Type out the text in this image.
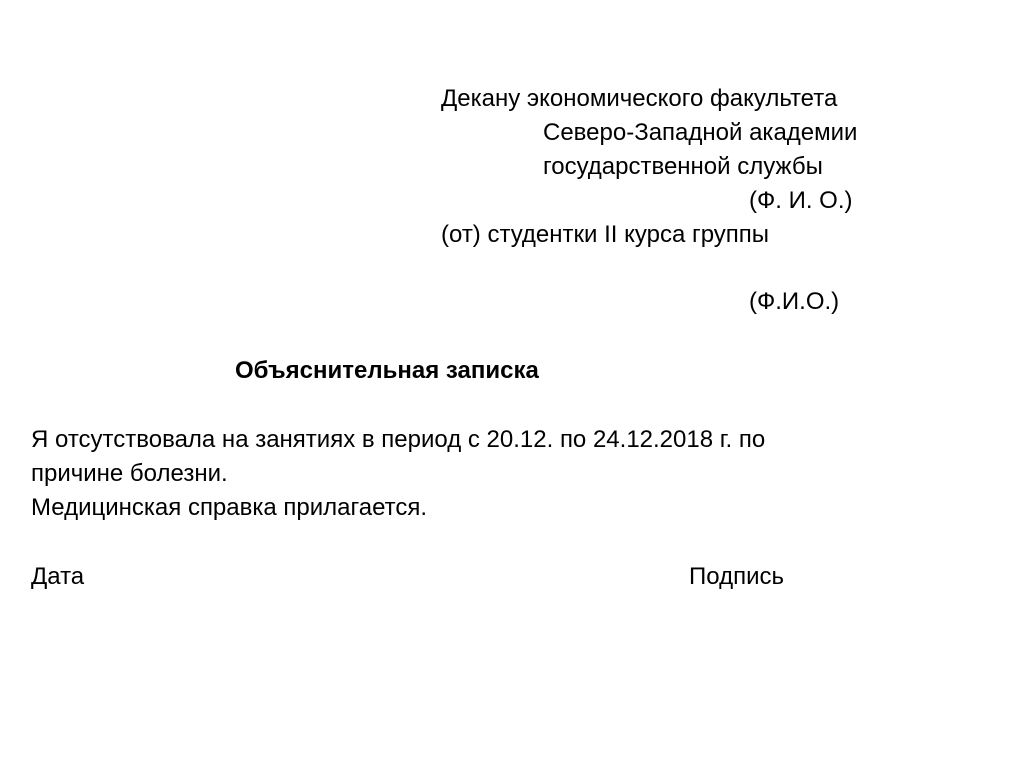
Декану экономического факультета

Северо-Западной академии

государственной службы

(Ф. И. О.)

(от) студентки II курса группы

(Ф.И.О.)

Объяснительная записка

Я отсутствовала на занятиях в период с 20.12. по 24.12.2018 г. по

причине болезни.

Медицинская справка прилагается.

Дата	Подпись
